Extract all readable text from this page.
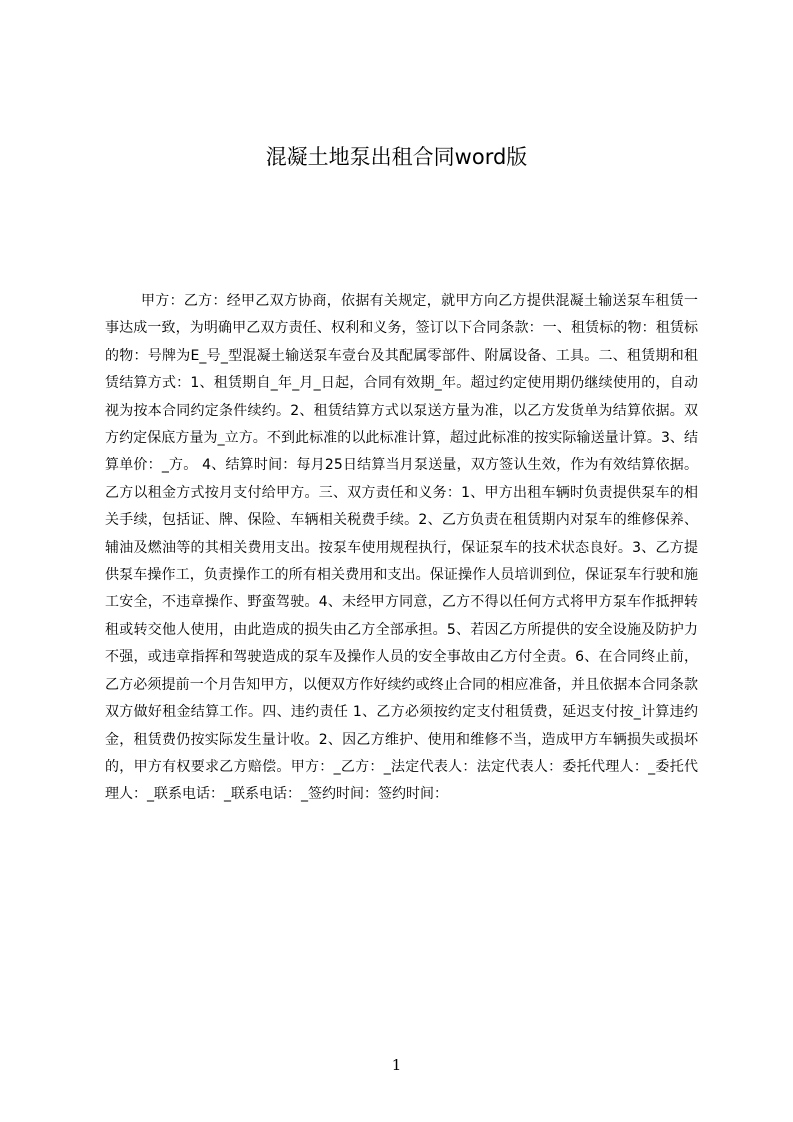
混凝土地泵出租合同word版

甲方：乙方：经甲乙双方协商，依据有关规定，就甲方向乙方提供混凝土输送泵车租赁一事达成一致，为明确甲乙双方责任、权利和义务，签订以下合同条款：一、租赁标的物：租赁标的物：号牌为E_号_型混凝土输送泵车壹台及其配属零部件、附属设备、工具。二、租赁期和租赁结算方式：1、租赁期自_年_月_日起，合同有效期_年。超过约定使用期仍继续使用的，自动视为按本合同约定条件续约。2、租赁结算方式以泵送方量为准，以乙方发货单为结算依据。双方约定保底方量为_立方。不到此标准的以此标准计算，超过此标准的按实际输送量计算。3、结算单价：_方。 4、结算时间：每月25日结算当月泵送量，双方签认生效，作为有效结算依据。乙方以租金方式按月支付给甲方。三、双方责任和义务：1、甲方出租车辆时负责提供泵车的相关手续，包括证、牌、保险、车辆相关税费手续。2、乙方负责在租赁期内对泵车的维修保养、辅油及燃油等的其相关费用支出。按泵车使用规程执行，保证泵车的技术状态良好。3、乙方提供泵车操作工，负责操作工的所有相关费用和支出。保证操作人员培训到位，保证泵车行驶和施工安全，不违章操作、野蛮驾驶。4、未经甲方同意，乙方不得以任何方式将甲方泵车作抵押转租或转交他人使用，由此造成的损失由乙方全部承担。5、若因乙方所提供的安全设施及防护力不强，或违章指挥和驾驶造成的泵车及操作人员的安全事故由乙方付全责。6、在合同终止前，乙方必须提前一个月告知甲方，以便双方作好续约或终止合同的相应准备，并且依据本合同条款双方做好租金结算工作。四、违约责任 1、乙方必须按约定支付租赁费，延迟支付按_计算违约金，租赁费仍按实际发生量计收。2、因乙方维护、使用和维修不当，造成甲方车辆损失或损坏的，甲方有权要求乙方赔偿。甲方：_乙方：_法定代表人：法定代表人：委托代理人：_委托代理人：_联系电话：_联系电话：_签约时间：签约时间：

1
